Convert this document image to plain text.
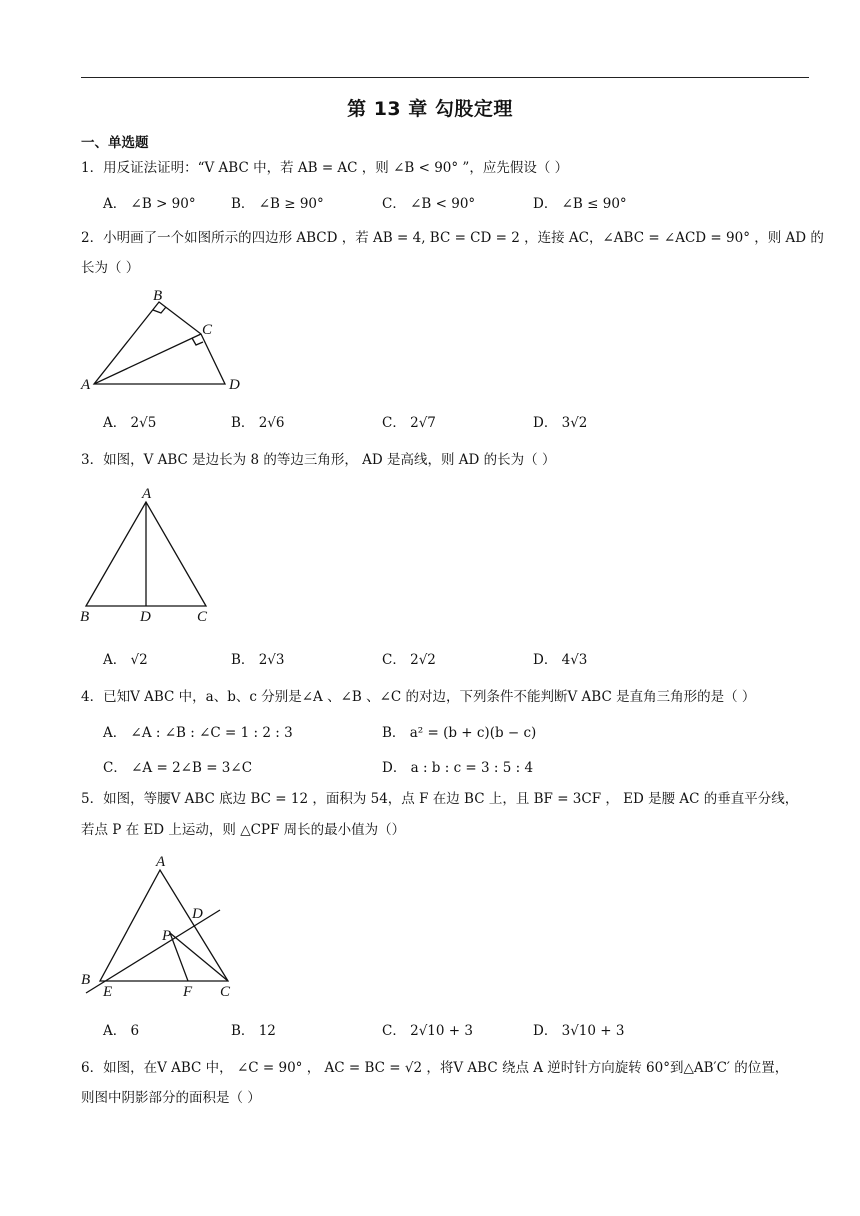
第 13 章 勾股定理
一、单选题
1．用反证法证明：“V ABC 中，若 AB = AC ，则 ∠B < 90° ”，应先假设（ ）
A． ∠B > 90°	B． ∠B ≥ 90°	C． ∠B < 90°	D． ∠B ≤ 90°
2．小明画了一个如图所示的四边形 ABCD ，若 AB = 4, BC = CD = 2 ，连接 AC，∠ABC = ∠ACD = 90° ，则 AD 的
长为（ ）
B
C
A	D
A． 2√5	B． 2√6	C． 2√7	D． 3√2
3．如图，V ABC 是边长为 8 的等边三角形， AD 是高线，则 AD 的长为（ ）
A
B	D	C
A． √2	B． 2√3	C． 2√2	D． 4√3
4．已知V ABC 中，a、b、c 分别是∠A 、∠B 、∠C 的对边，下列条件不能判断V ABC 是直角三角形的是（ ）
A． ∠A : ∠B : ∠C = 1 : 2 : 3	B． a² = (b + c)(b − c)
C． ∠A = 2∠B = 3∠C	D． a : b : c = 3 : 5 : 4
5．如图，等腰V ABC 底边 BC = 12 ，面积为 54，点 F 在边 BC 上，且 BF = 3CF ， ED 是腰 AC 的垂直平分线，
若点 P 在 ED 上运动，则 △CPF 周长的最小值为（）
A
D
P
B
E	F C
A． 6	B． 12	C． 2√10 + 3	D． 3√10 + 3
6．如图，在V ABC 中， ∠C = 90° ， AC = BC = √2 ，将V ABC 绕点 A 逆时针方向旋转 60°到△AB′C′ 的位置，
则图中阴影部分的面积是（ ）
